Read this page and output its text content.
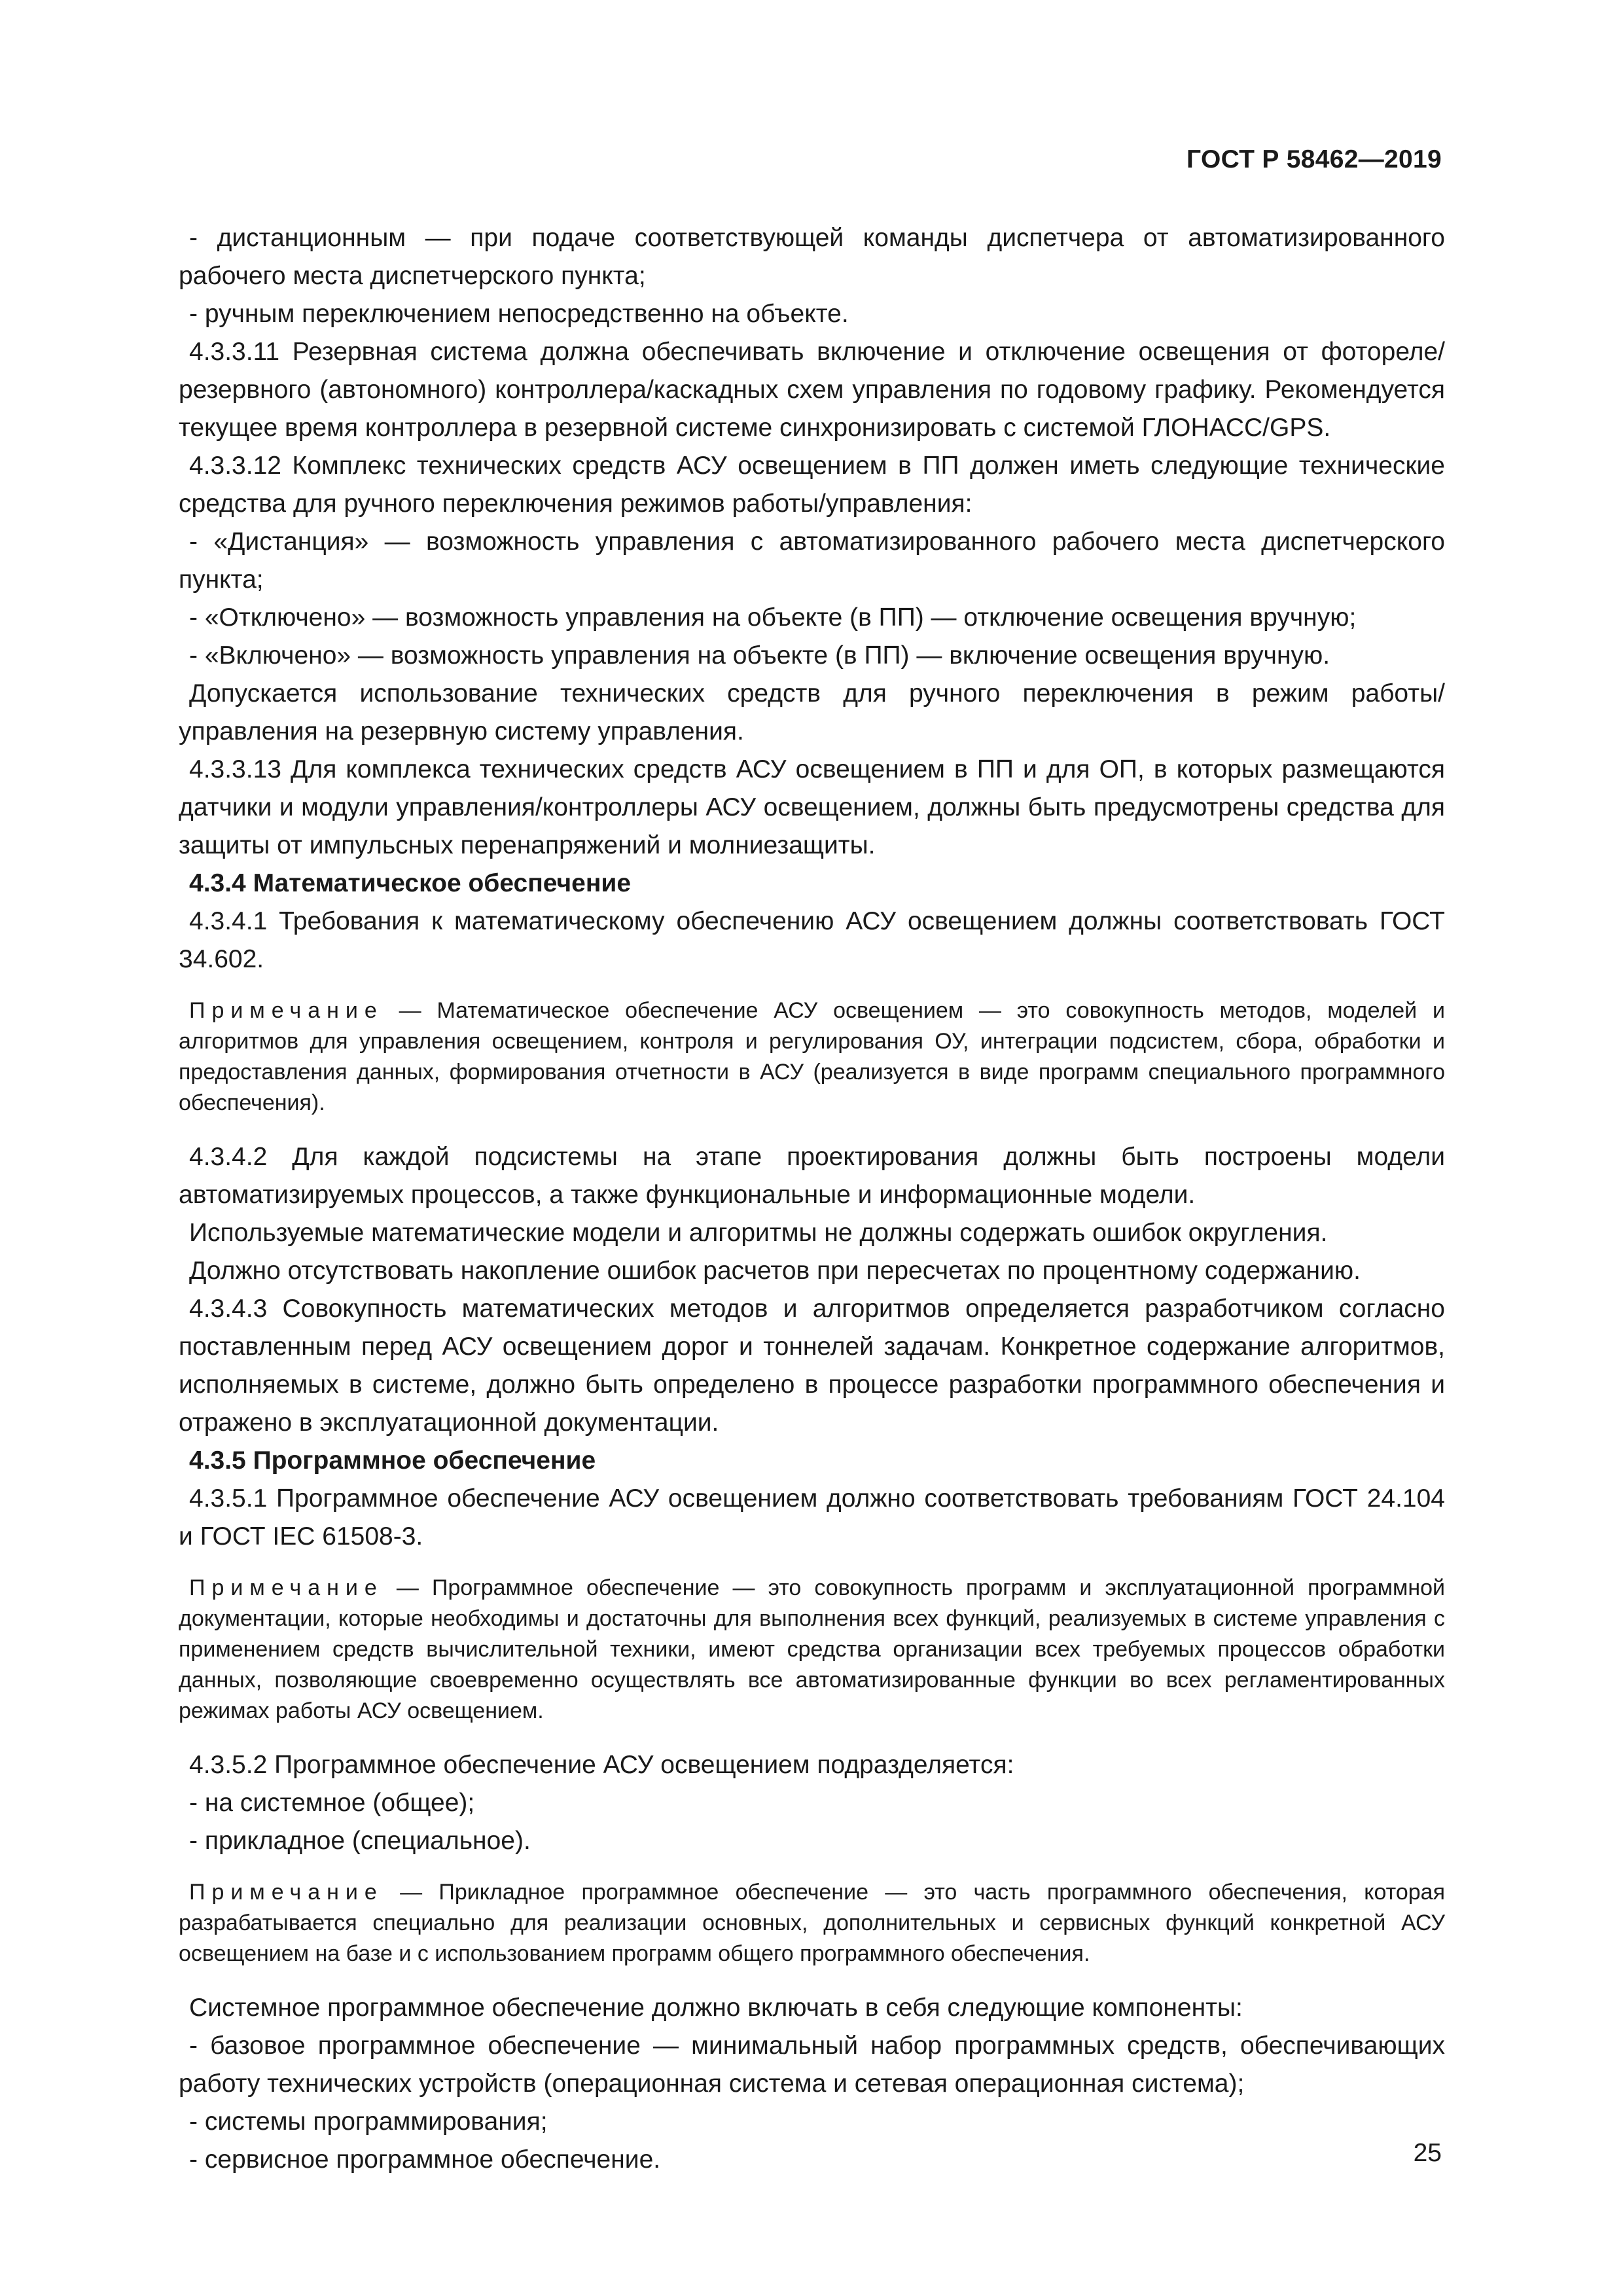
ГОСТ Р 58462—2019

- дистанционным — при подаче соответствующей команды диспетчера от автоматизированного рабочего места диспетчерского пункта;

- ручным переключением непосредственно на объекте.

4.3.3.11 Резервная система должна обеспечивать включение и отключение освещения от фотореле/резервного (автономного) контроллера/каскадных схем управления по годовому графику. Рекомендуется текущее время контроллера в резервной системе синхронизировать с системой ГЛОНАСС/GPS.

4.3.3.12 Комплекс технических средств АСУ освещением в ПП должен иметь следующие технические средства для ручного переключения режимов работы/управления:

- «Дистанция» — возможность управления с автоматизированного рабочего места диспетчерского пункта;

- «Отключено» — возможность управления на объекте (в ПП) — отключение освещения вручную;

- «Включено» — возможность управления на объекте (в ПП) — включение освещения вручную.

Допускается использование технических средств для ручного переключения в режим работы/ управления на резервную систему управления.

4.3.3.13 Для комплекса технических средств АСУ освещением в ПП и для ОП, в которых размещаются датчики и модули управления/контроллеры АСУ освещением, должны быть предусмотрены средства для защиты от импульсных перенапряжений и молниезащиты.

4.3.4 Математическое обеспечение

4.3.4.1 Требования к математическому обеспечению АСУ освещением должны соответствовать ГОСТ 34.602.

Примечание — Математическое обеспечение АСУ освещением — это совокупность методов, моделей и алгоритмов для управления освещением, контроля и регулирования ОУ, интеграции подсистем, сбора, обработки и предоставления данных, формирования отчетности в АСУ (реализуется в виде программ специального программного обеспечения).

4.3.4.2 Для каждой подсистемы на этапе проектирования должны быть построены модели автоматизируемых процессов, а также функциональные и информационные модели.

Используемые математические модели и алгоритмы не должны содержать ошибок округления.

Должно отсутствовать накопление ошибок расчетов при пересчетах по процентному содержанию.

4.3.4.3 Совокупность математических методов и алгоритмов определяется разработчиком согласно поставленным перед АСУ освещением дорог и тоннелей задачам. Конкретное содержание алгоритмов, исполняемых в системе, должно быть определено в процессе разработки программного обеспечения и отражено в эксплуатационной документации.

4.3.5 Программное обеспечение

4.3.5.1 Программное обеспечение АСУ освещением должно соответствовать требованиям ГОСТ 24.104 и ГОСТ IEC 61508-3.

Примечание — Программное обеспечение — это совокупность программ и эксплуатационной программной документации, которые необходимы и достаточны для выполнения всех функций, реализуемых в системе управления с применением средств вычислительной техники, имеют средства организации всех требуемых процессов обработки данных, позволяющие своевременно осуществлять все автоматизированные функции во всех регламентированных режимах работы АСУ освещением.

4.3.5.2 Программное обеспечение АСУ освещением подразделяется:

- на системное (общее);

- прикладное (специальное).

Примечание — Прикладное программное обеспечение — это часть программного обеспечения, которая разрабатывается специально для реализации основных, дополнительных и сервисных функций конкретной АСУ освещением на базе и с использованием программ общего программного обеспечения.

Системное программное обеспечение должно включать в себя следующие компоненты:

- базовое программное обеспечение — минимальный набор программных средств, обеспечивающих работу технических устройств (операционная система и сетевая операционная система);

- системы программирования;

- сервисное программное обеспечение.	25
